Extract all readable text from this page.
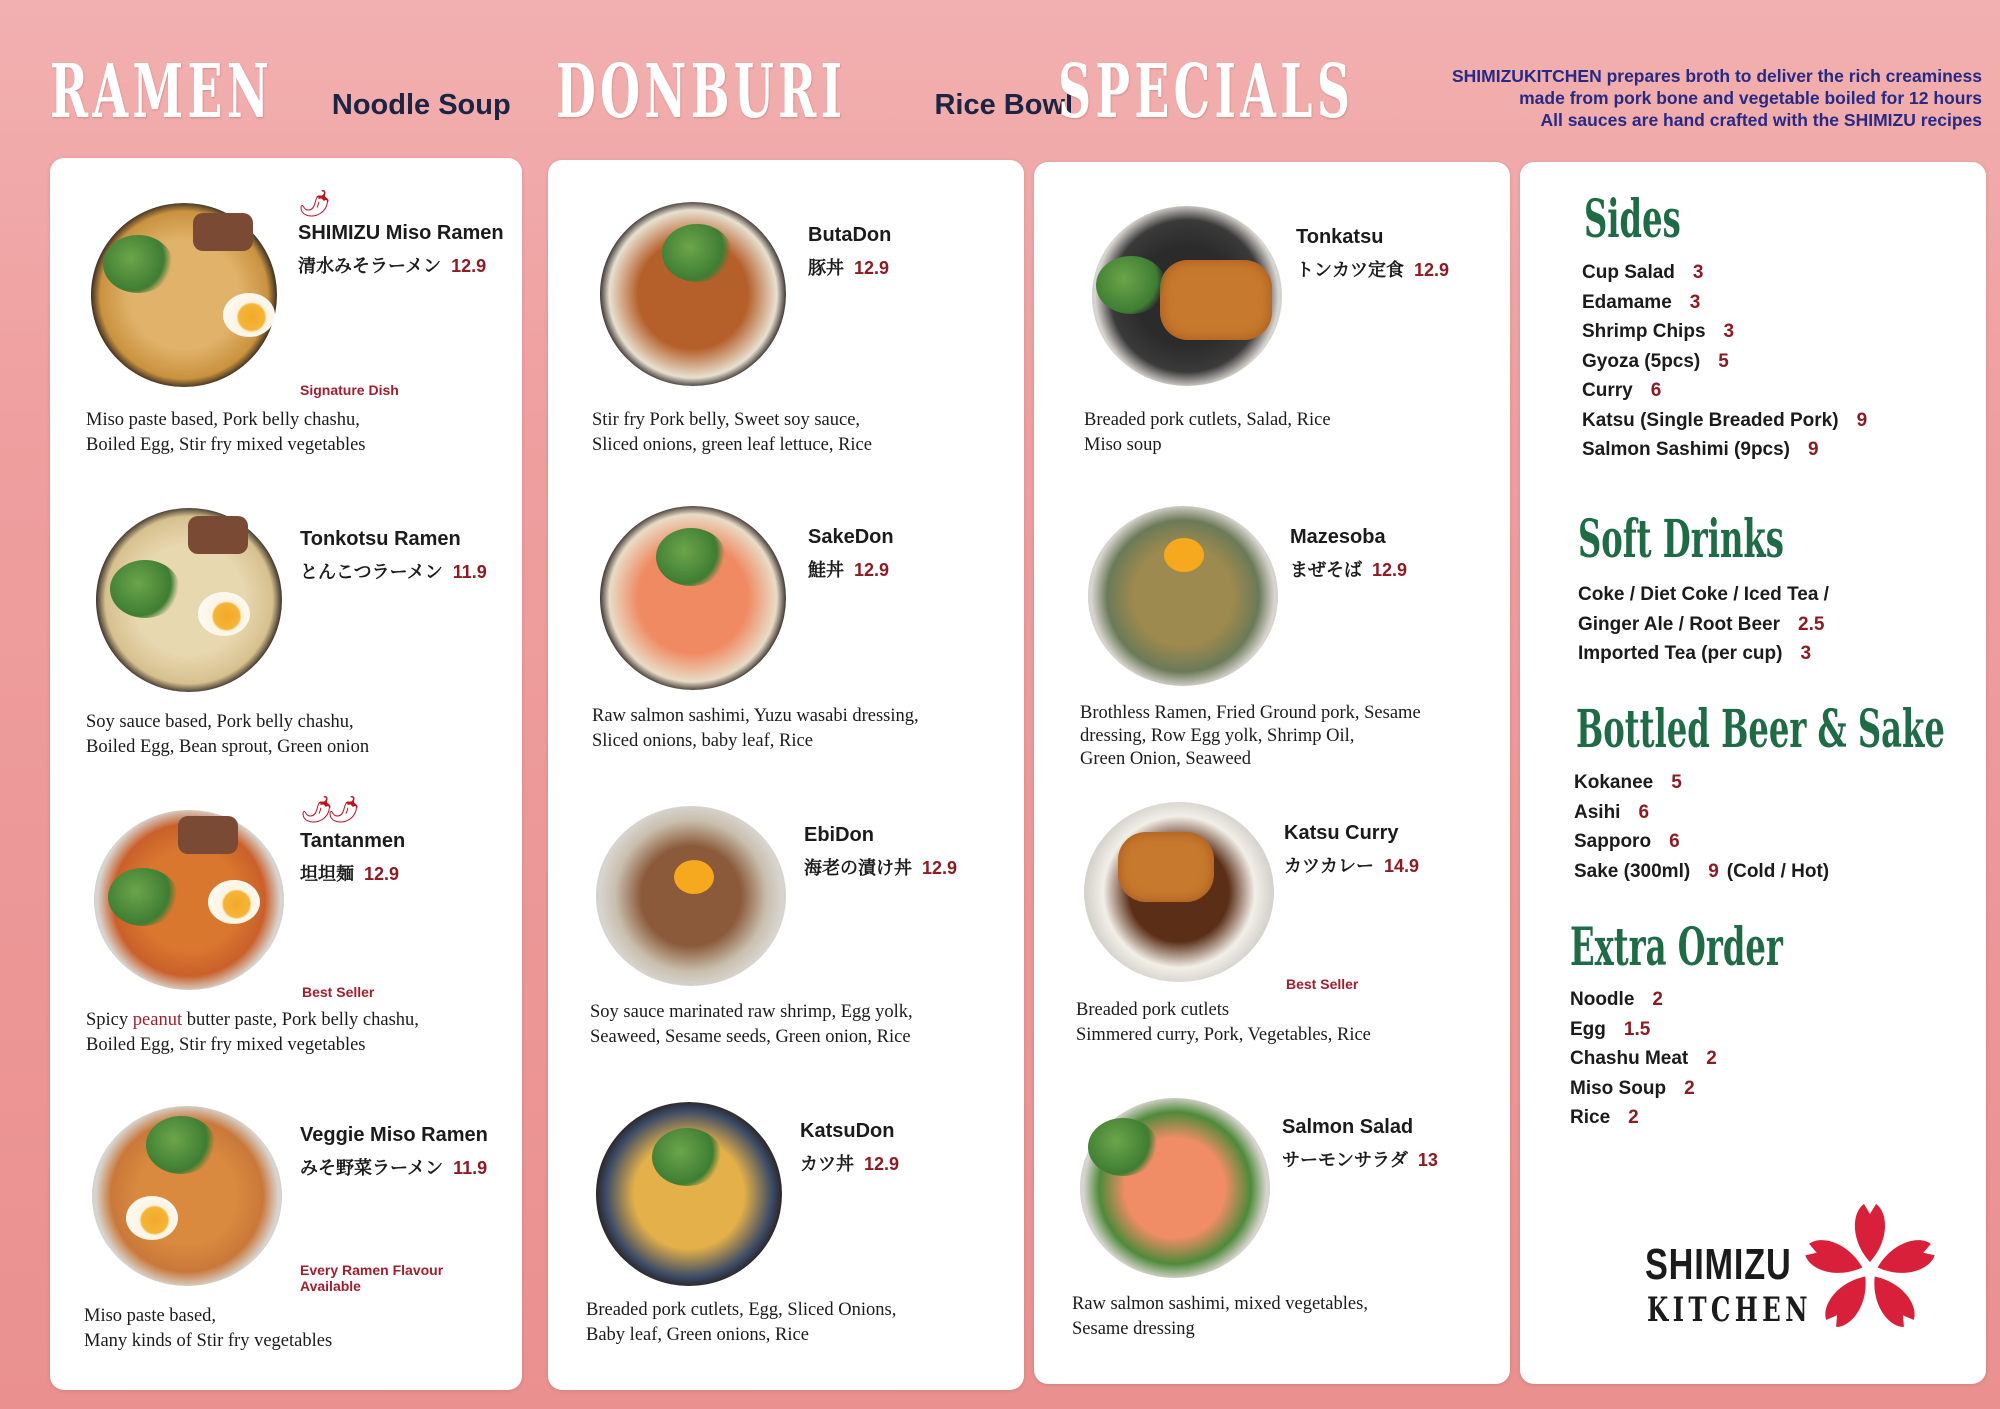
RAMEN Noodle Soup DONBURI	Rice Bowl
SPECIALS	SHIMIZUKITCHEN prepares broth to deliver the rich creaminess
made from pork bone and vegetable boiled for 12 hours
All sauces are hand crafted with the SHIMIZU recipes
🌶
SHIMIZU Miso Ramen
清水みそラーメン 12.9
Signature Dish
Miso paste based, Pork belly chashu,
Boiled Egg, Stir fry mixed vegetables
Tonkotsu Ramen
とんこつラーメン 11.9
Soy sauce based, Pork belly chashu,
Boiled Egg, Bean sprout, Green onion
🌶🌶
Tantanmen
坦坦麺 12.9
Best Seller
Spicy peanut butter paste, Pork belly chashu,
Boiled Egg, Stir fry mixed vegetables
Veggie Miso Ramen
みそ野菜ラーメン 11.9
Every Ramen Flavour
Available
Miso paste based,
Many kinds of Stir fry vegetables
ButaDon
豚丼 12.9
Stir fry Pork belly, Sweet soy sauce,
Sliced onions, green leaf lettuce, Rice
SakeDon
鮭丼 12.9
Raw salmon sashimi, Yuzu wasabi dressing,
Sliced onions, baby leaf, Rice
EbiDon
海老の漬け丼 12.9
Soy sauce marinated raw shrimp, Egg yolk,
Seaweed, Sesame seeds, Green onion, Rice
KatsuDon
カツ丼 12.9
Breaded pork cutlets, Egg, Sliced Onions,
Baby leaf, Green onions, Rice
Tonkatsu
トンカツ定食 12.9
Breaded pork cutlets, Salad, Rice
Miso soup
Mazesoba
まぜそば 12.9
Brothless Ramen, Fried Ground pork, Sesame
dressing, Row Egg yolk, Shrimp Oil,
Green Onion, Seaweed
Katsu Curry
カツカレー 14.9
Best Seller
Breaded pork cutlets
Simmered curry, Pork, Vegetables, Rice
Salmon Salad
サーモンサラダ 13
Raw salmon sashimi, mixed vegetables,
Sesame dressing
Sides
Cup Salad 3
Edamame 3
Shrimp Chips 3
Gyoza (5pcs) 5
Curry 6
Katsu (Single Breaded Pork) 9
Salmon Sashimi (9pcs) 9
Soft Drinks
Coke / Diet Coke / Iced Tea /
Ginger Ale / Root Beer 2.5
Imported Tea (per cup) 3
Bottled Beer & Sake
Kokanee 5
Asihi 6
Sapporo 6
Sake (300ml) 9 (Cold / Hot)
Extra Order
Noodle 2
Egg 1.5
Chashu Meat 2
Miso Soup 2
Rice 2
SHIMIZU
KITCHEN
